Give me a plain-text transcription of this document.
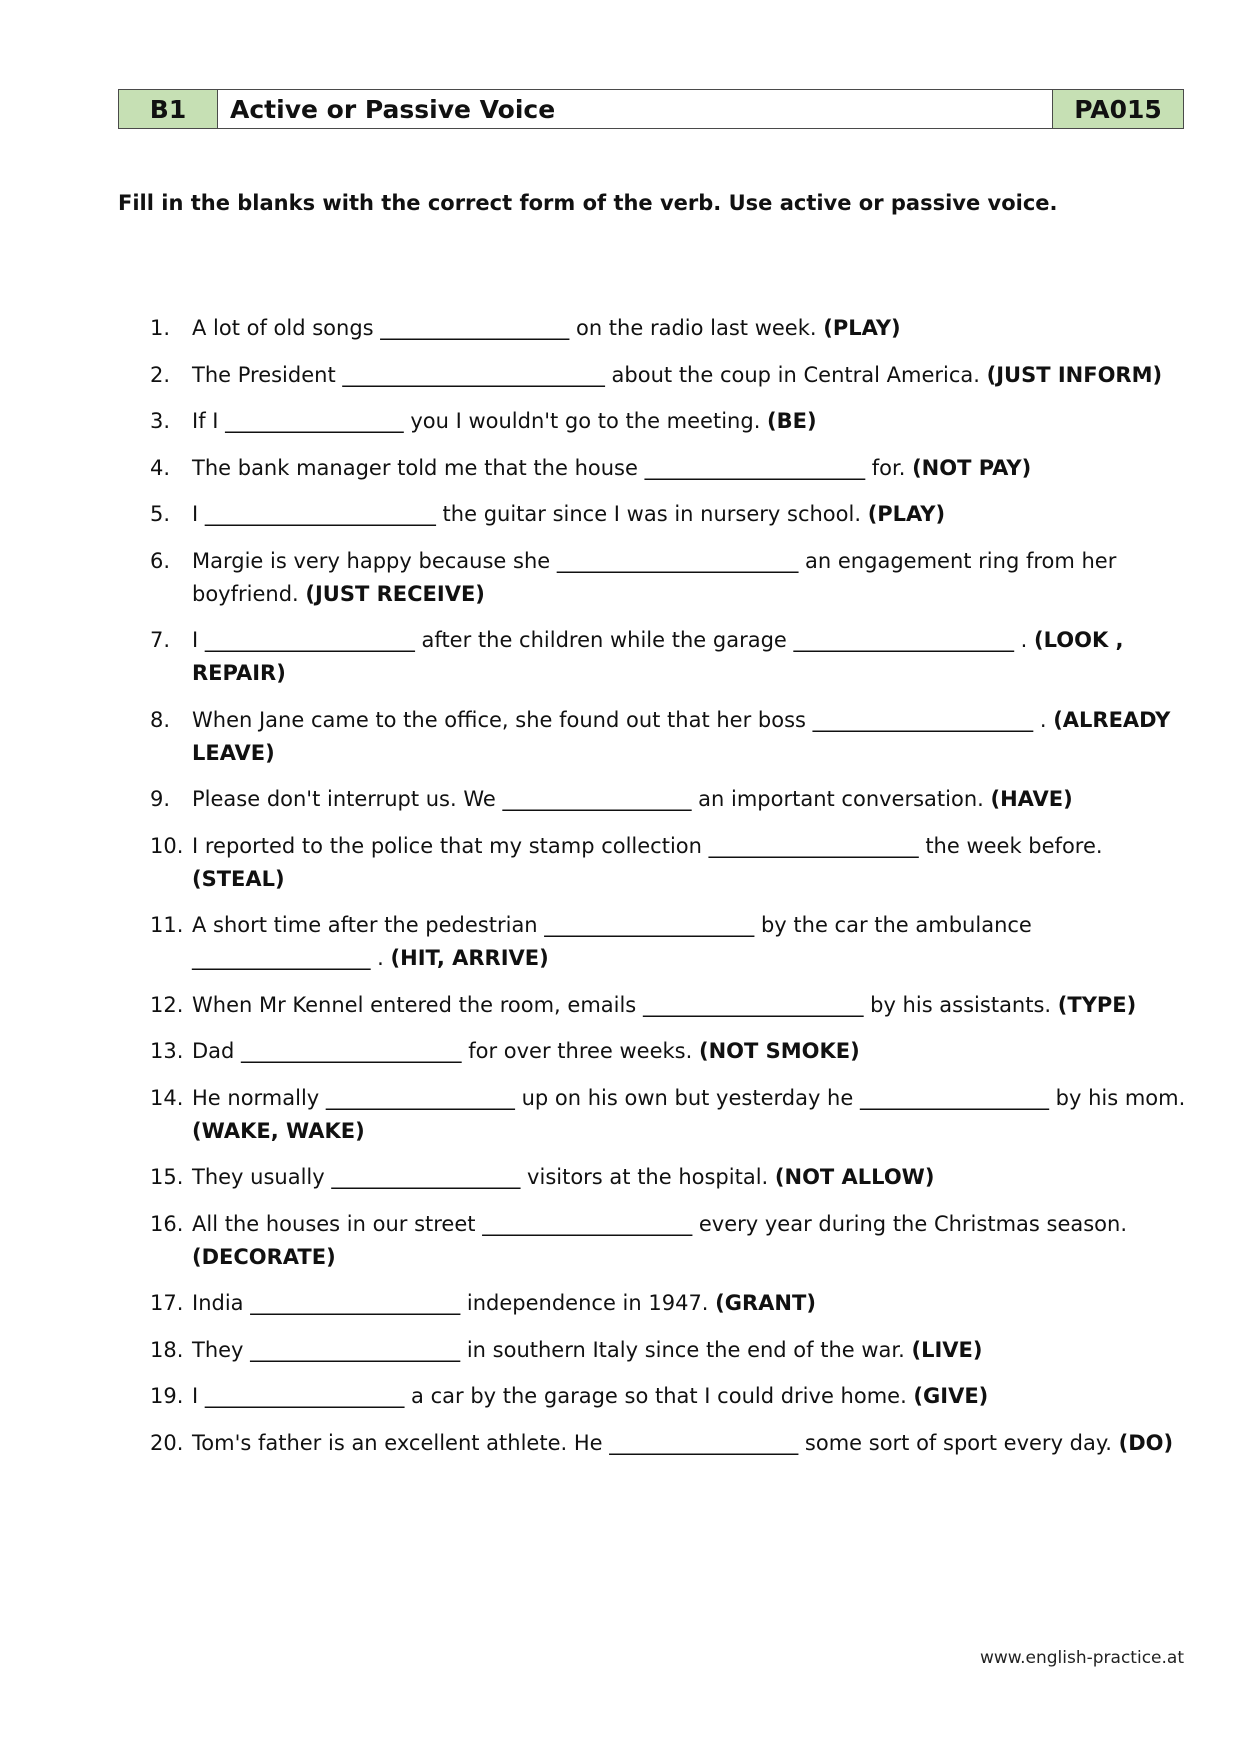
B1	Active or Passive Voice	PA015

Fill in the blanks with the correct form of the verb. Use active or passive voice.

1.	A lot of old songs __________________ on the radio last week. (PLAY)
2.	The President _________________________ about the coup in Central America. (JUST INFORM)
3.	If I _________________ you I wouldn't go to the meeting. (BE)
4.	The bank manager told me that the house _____________________ for. (NOT PAY)
5.	I ______________________ the guitar since I was in nursery school. (PLAY)
6.	Margie is very happy because she _______________________ an engagement ring from her boyfriend. (JUST RECEIVE)
7.	I ____________________ after the children while the garage _____________________ . (LOOK , REPAIR)
8.	When Jane came to the office, she found out that her boss _____________________ . (ALREADY LEAVE)
9.	Please don't interrupt us. We __________________ an important conversation. (HAVE)
10. I reported to the police that my stamp collection ____________________ the week before. (STEAL)
11. A short time after the pedestrian ____________________ by the car the ambulance _________________ . (HIT, ARRIVE)
12. When Mr Kennel entered the room, emails _____________________ by his assistants. (TYPE)
13. Dad _____________________ for over three weeks. (NOT SMOKE)
14. He normally __________________ up on his own but yesterday he __________________ by his mom. (WAKE, WAKE)
15. They usually __________________ visitors at the hospital. (NOT ALLOW)
16. All the houses in our street ____________________ every year during the Christmas season. (DECORATE)
17. India ____________________ independence in 1947. (GRANT)
18. They ____________________ in southern Italy since the end of the war. (LIVE)
19. I ___________________ a car by the garage so that I could drive home. (GIVE)
20. Tom's father is an excellent athlete. He __________________ some sort of sport every day. (DO)
www.english-practice.at
